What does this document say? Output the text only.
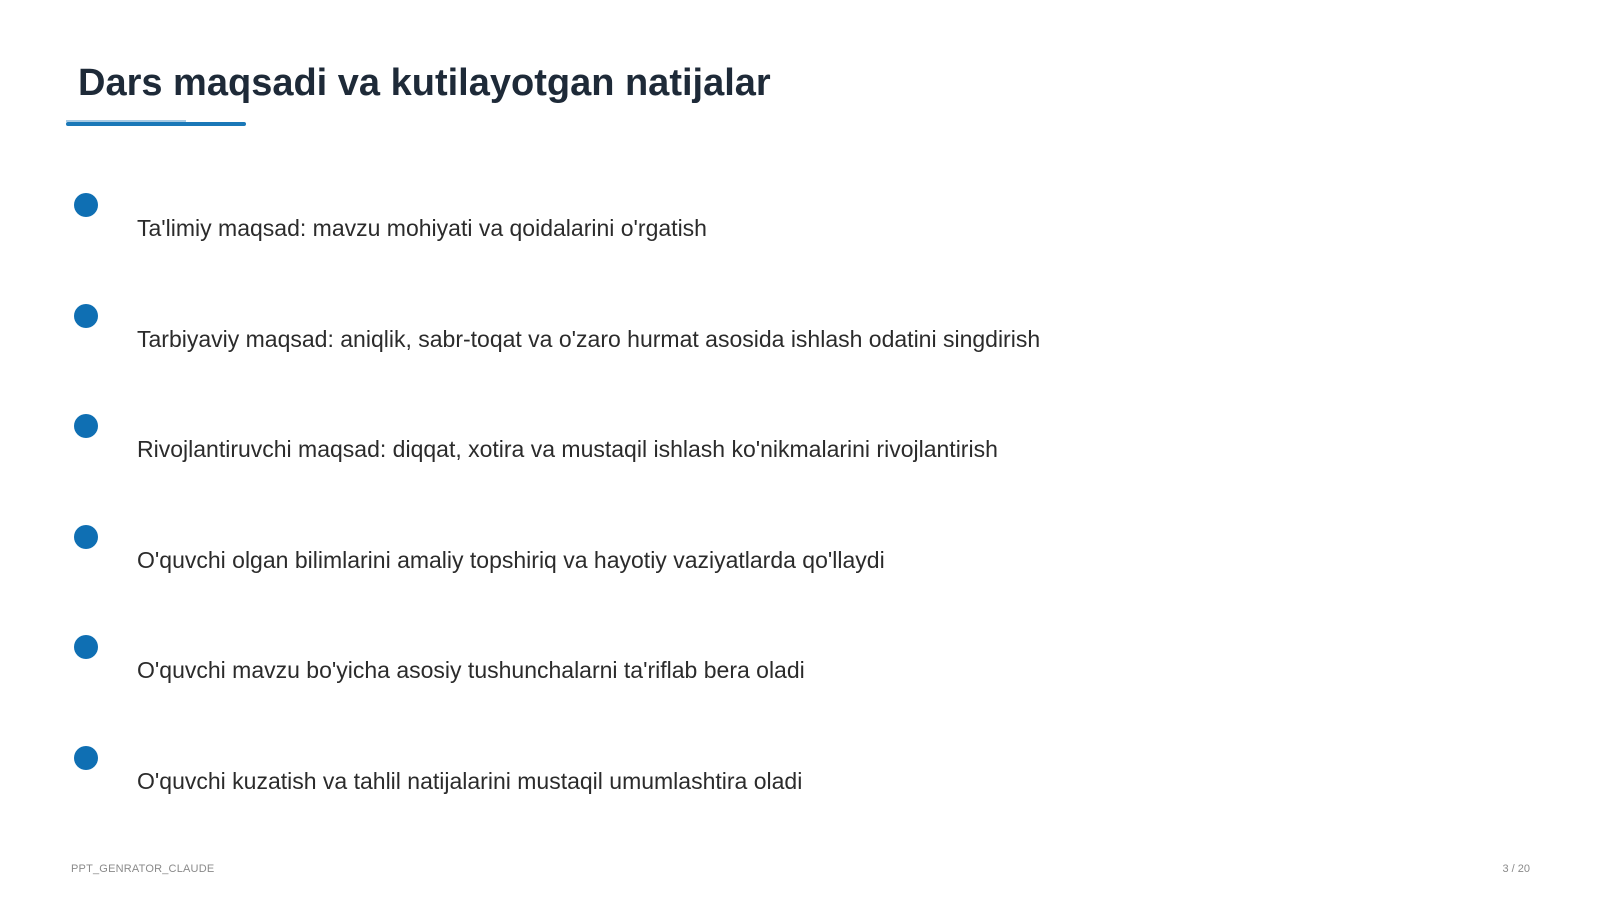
Dars maqsadi va kutilayotgan natijalar
Ta'limiy maqsad: mavzu mohiyati va qoidalarini o'rgatish
Tarbiyaviy maqsad: aniqlik, sabr-toqat va o'zaro hurmat asosida ishlash odatini singdirish
Rivojlantiruvchi maqsad: diqqat, xotira va mustaqil ishlash ko'nikmalarini rivojlantirish
O'quvchi olgan bilimlarini amaliy topshiriq va hayotiy vaziyatlarda qo'llaydi
O'quvchi mavzu bo'yicha asosiy tushunchalarni ta'riflab bera oladi
O'quvchi kuzatish va tahlil natijalarini mustaqil umumlashtira oladi
PPT_GENRATOR_CLAUDE	3 / 20
